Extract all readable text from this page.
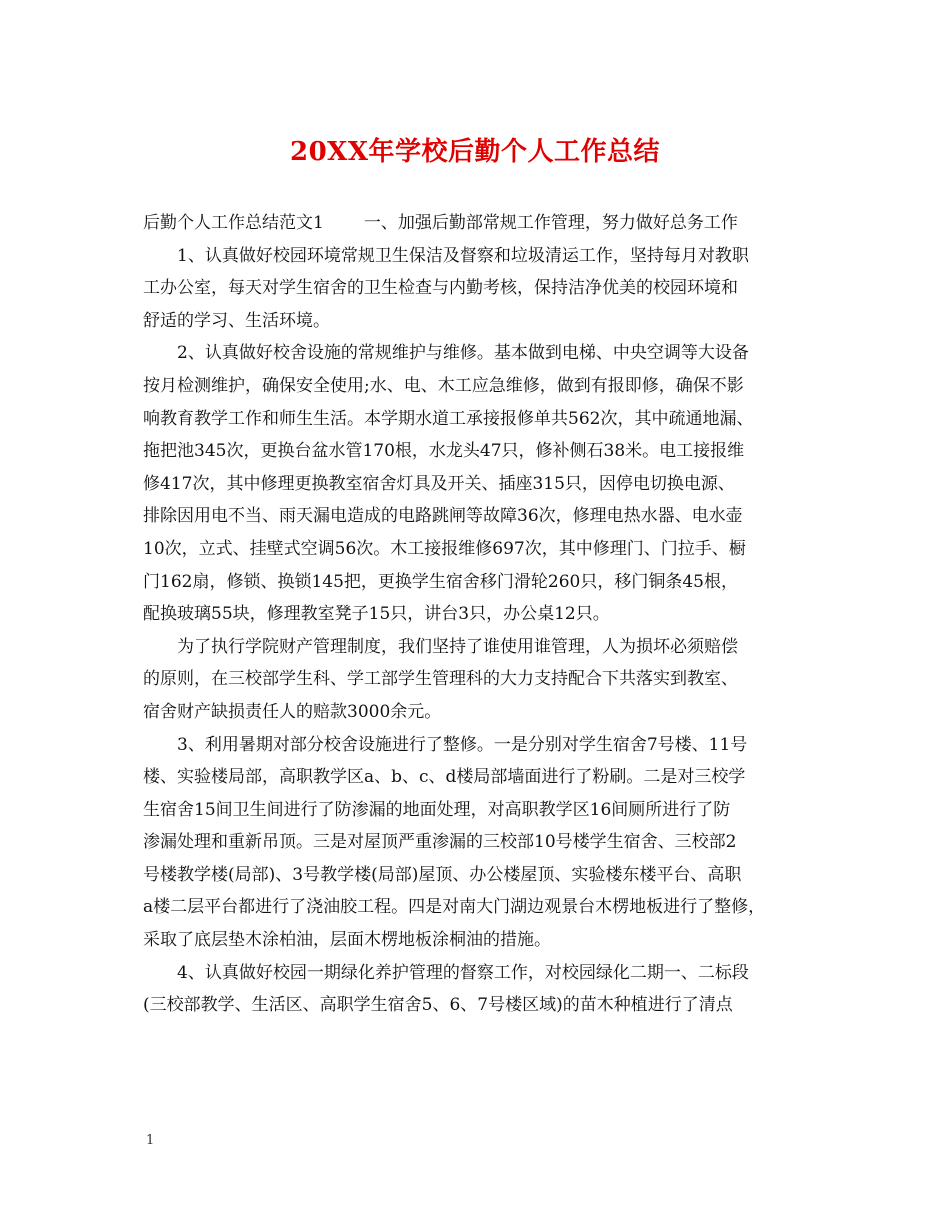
20XX年学校后勤个人工作总结
后勤个人工作总结范文1 一、加强后勤部常规工作管理，努力做好总务工作
1、认真做好校园环境常规卫生保洁及督察和垃圾清运工作，坚持每月对教职
工办公室，每天对学生宿舍的卫生检查与内勤考核，保持洁净优美的校园环境和
舒适的学习、生活环境。
2、认真做好校舍设施的常规维护与维修。基本做到电梯、中央空调等大设备
按月检测维护，确保安全使用;水、电、木工应急维修，做到有报即修，确保不影
响教育教学工作和师生生活。本学期水道工承接报修单共562次，其中疏通地漏、
拖把池345次，更换台盆水管170根，水龙头47只，修补侧石38米。电工接报维
修417次，其中修理更换教室宿舍灯具及开关、插座315只，因停电切换电源、
排除因用电不当、雨天漏电造成的电路跳闸等故障36次，修理电热水器、电水壶
10次，立式、挂壁式空调56次。木工接报维修697次，其中修理门、门拉手、橱
门162扇，修锁、换锁145把，更换学生宿舍移门滑轮260只，移门铜条45根，
配换玻璃55块，修理教室凳子15只，讲台3只，办公桌12只。
为了执行学院财产管理制度，我们坚持了谁使用谁管理，人为损坏必须赔偿
的原则，在三校部学生科、学工部学生管理科的大力支持配合下共落实到教室、
宿舍财产缺损责任人的赔款3000余元。
3、利用暑期对部分校舍设施进行了整修。一是分别对学生宿舍7号楼、11号
楼、实验楼局部，高职教学区a、b、c、d楼局部墙面进行了粉刷。二是对三校学
生宿舍15间卫生间进行了防渗漏的地面处理，对高职教学区16间厕所进行了防
渗漏处理和重新吊顶。三是对屋顶严重渗漏的三校部10号楼学生宿舍、三校部2
号楼教学楼(局部)、3号教学楼(局部)屋顶、办公楼屋顶、实验楼东楼平台、高职
a楼二层平台都进行了浇油胶工程。四是对南大门湖边观景台木楞地板进行了整修，
采取了底层垫木涂柏油，层面木楞地板涂桐油的措施。
4、认真做好校园一期绿化养护管理的督察工作，对校园绿化二期一、二标段
(三校部教学、生活区、高职学生宿舍5、6、7号楼区域)的苗木种植进行了清点
1
